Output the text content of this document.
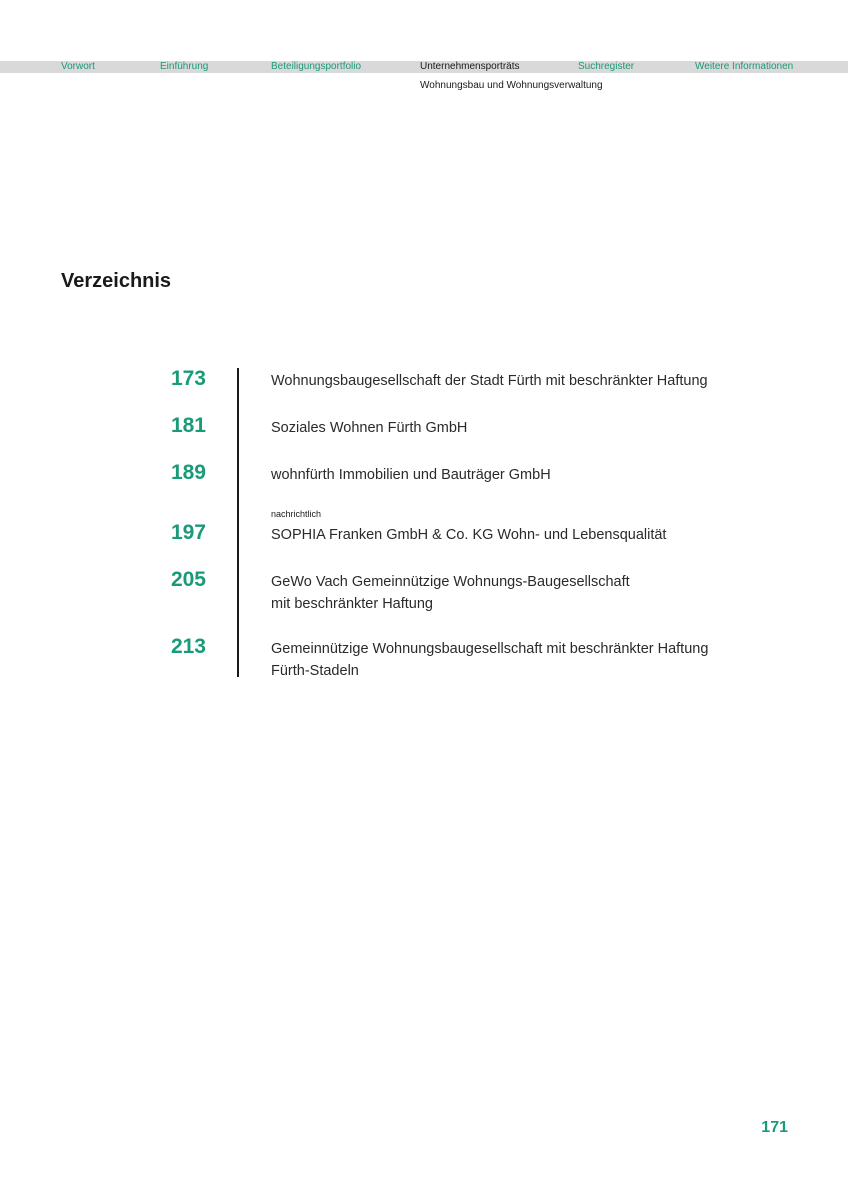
Vorwort	Einführung	Beteiligungsportfolio	Unternehmensporträts	Suchregister	Weitere Informationen
Wohnungsbau und Wohnungsverwaltung
Verzeichnis
173	Wohnungsbaugesellschaft der Stadt Fürth mit beschränkter Haftung
181	Soziales Wohnen Fürth GmbH
189	wohnfürth Immobilien und Bauträger GmbH
nachrichtlich
197	SOPHIA Franken GmbH & Co. KG Wohn- und Lebensqualität
205	GeWo Vach Gemeinnützige Wohnungs-Baugesellschaft
mit beschränkter Haftung
213	Gemeinnützige Wohnungsbaugesellschaft mit beschränkter Haftung
Fürth-Stadeln
171
